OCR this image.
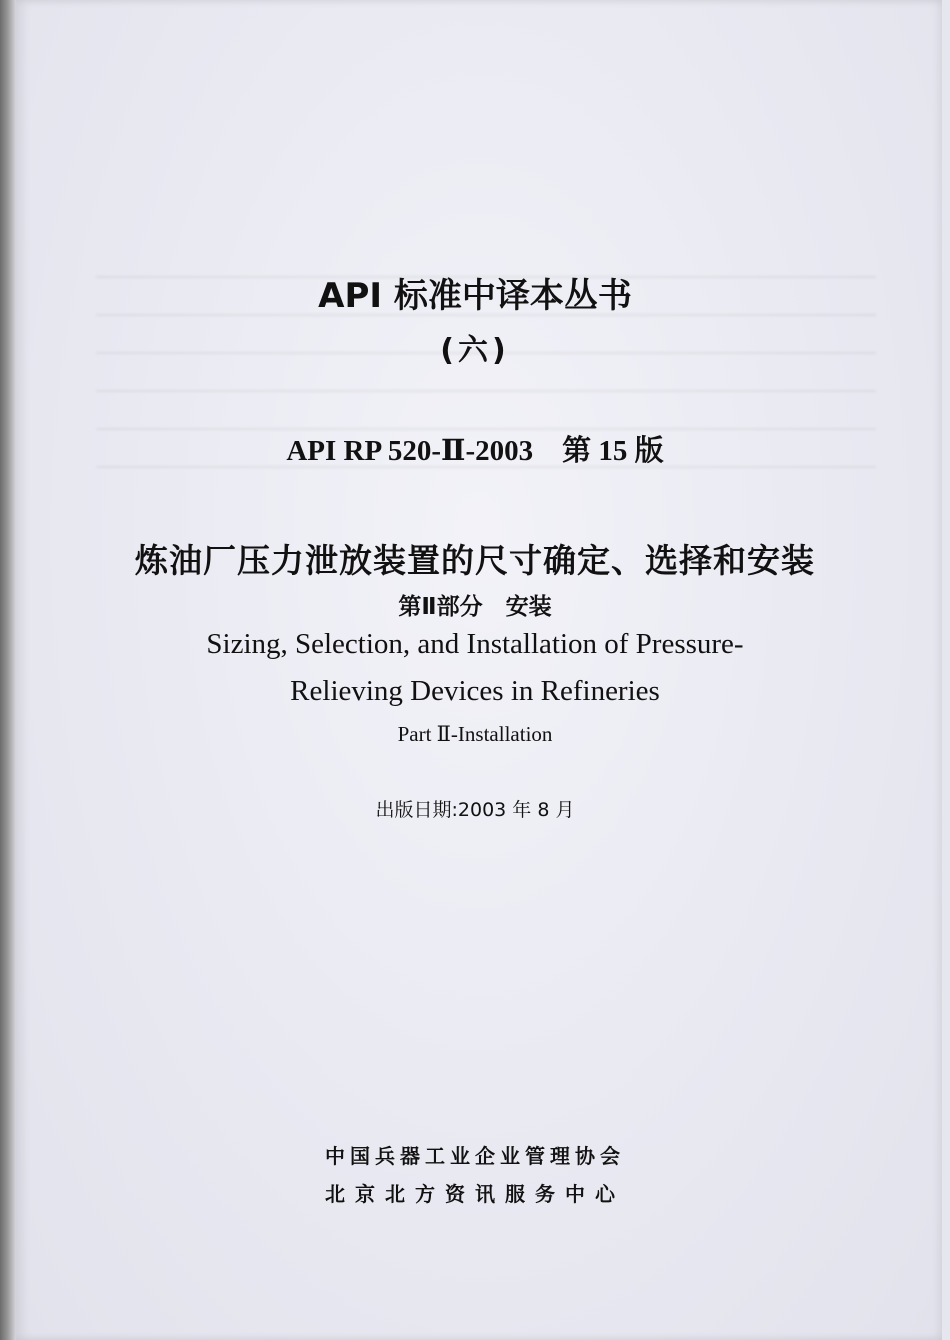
API 标准中译本丛书
(六)
API RP 520-Ⅱ-2003　第 15 版
炼油厂压力泄放装置的尺寸确定、选择和安装
第Ⅱ部分　安装
Sizing, Selection, and Installation of Pressure-
Relieving Devices in Refineries
Part Ⅱ-Installation
出版日期:2003 年 8 月
中国兵器工业企业管理协会
北京北方资讯服务中心
